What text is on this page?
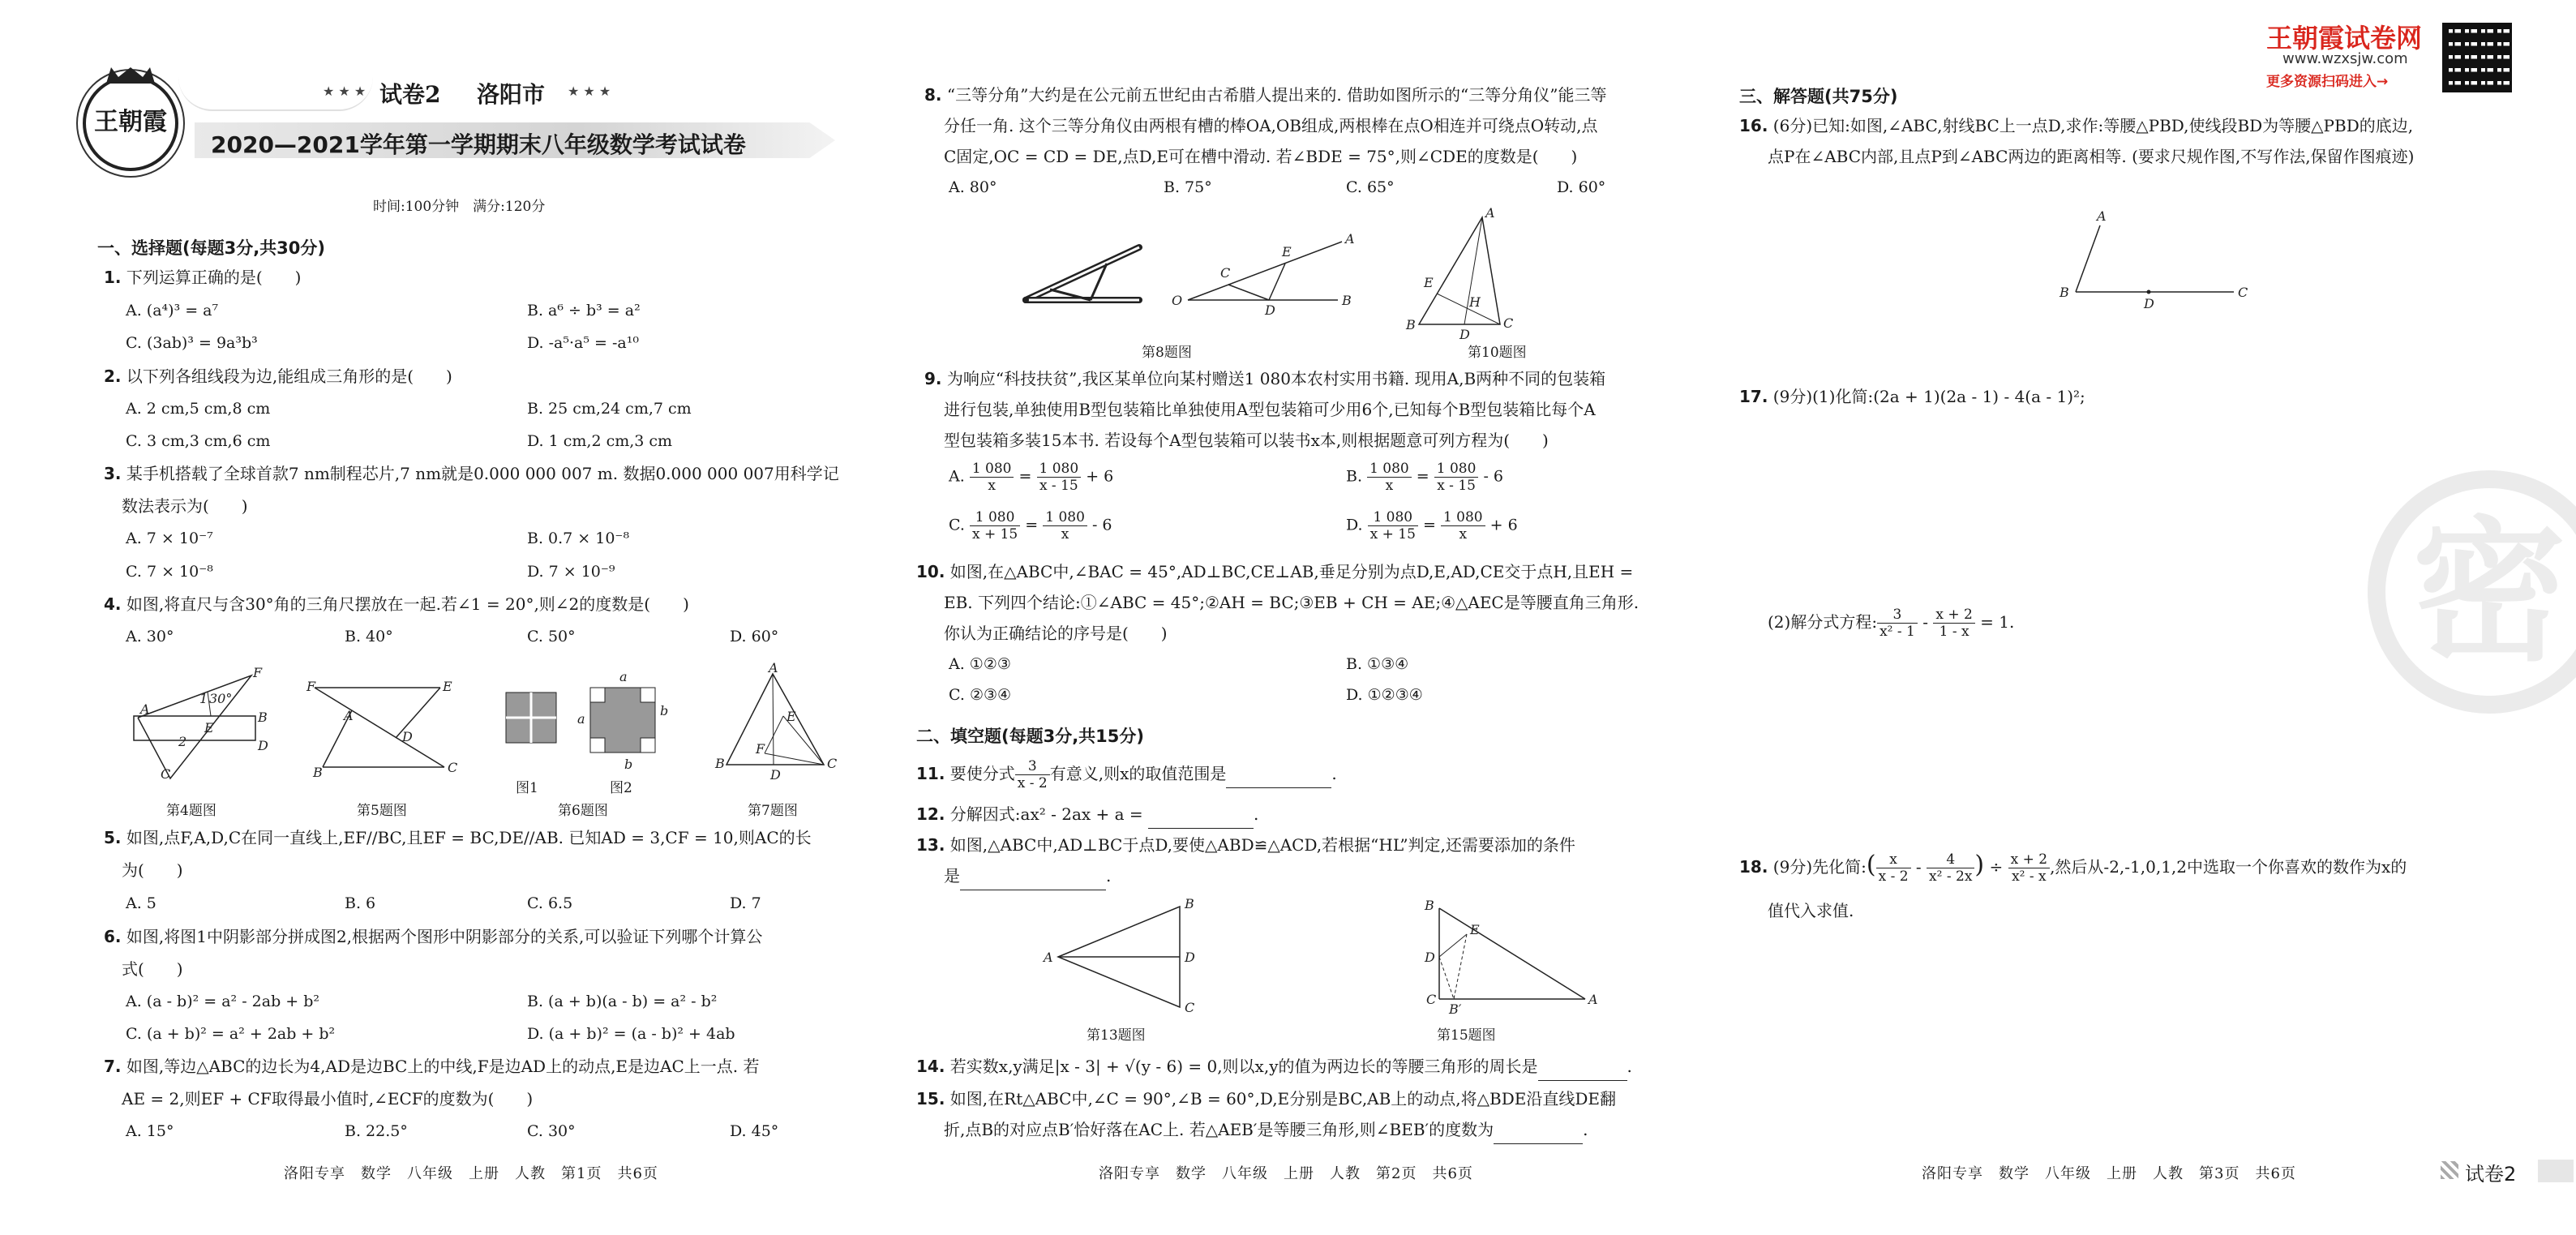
王朝霞
★ ★ ★ 试卷2 洛阳市 ★ ★ ★
2020—2021学年第一学期期末八年级数学考试试卷
时间:100分钟　满分:120分
一、选择题(每题3分,共30分)
1. 下列运算正确的是(　　)
A. (a⁴)³ = a⁷	B. a⁶ ÷ b³ = a²
C. (3ab)³ = 9a³b³	D. -a⁵·a⁵ = -a¹⁰
2. 以下列各组线段为边,能组成三角形的是(　　)
A. 2 cm,5 cm,8 cm	B. 25 cm,24 cm,7 cm
C. 3 cm,3 cm,6 cm	D. 1 cm,2 cm,3 cm
3. 某手机搭载了全球首款7 nm制程芯片,7 nm就是0.000 000 007 m. 数据0.000 000 007用科学记
数法表示为(　　)
A. 7 × 10⁻⁷	B. 0.7 × 10⁻⁸
C. 7 × 10⁻⁸	D. 7 × 10⁻⁹
4. 如图,将直尺与含30°角的三角尺摆放在一起.若∠1 = 20°,则∠2的度数是(　　)
A. 30°	B. 40°	C. 50°	D. 60°
A
F
1 30°
E
2
B
D
C
F	E
A
D
B	C
a
a
b
b
A
E
F
B
D
C
第4题图	第5题图
图1	图2
第6题图	第7题图
5. 如图,点F,A,D,C在同一直线上,EF//BC,且EF = BC,DE//AB. 已知AD = 3,CF = 10,则AC的长
为(　　)
A. 5	B. 6	C. 6.5	D. 7
6. 如图,将图1中阴影部分拼成图2,根据两个图形中阴影部分的关系,可以验证下列哪个计算公
式(　　)
A. (a - b)² = a² - 2ab + b²	B. (a + b)(a - b) = a² - b²
C. (a + b)² = a² + 2ab + b²	D. (a + b)² = (a - b)² + 4ab
7. 如图,等边△ABC的边长为4,AD是边BC上的中线,F是边AD上的动点,E是边AC上一点. 若
AE = 2,则EF + CF取得最小值时,∠ECF的度数为(　　)
A. 15°	B. 22.5°	C. 30°	D. 45°
洛阳专享　数学　八年级　上册　人教　第1页　共6页
8. “三等分角”大约是在公元前五世纪由古希腊人提出来的. 借助如图所示的“三等分角仪”能三等
分任一角. 这个三等分角仪由两根有槽的棒OA,OB组成,两根棒在点O相连并可绕点O转动,点
C固定,OC = CD = DE,点D,E可在槽中滑动. 若∠BDE = 75°,则∠CDE的度数是(　　)
A. 80°	B. 75°	C. 65°	D. 60°
O
C
E
A
D
B
A
E
H
B
D
C
第8题图	第10题图
9. 为响应“科技扶贫”,我区某单位向某村赠送1 080本农村实用书籍. 现用A,B两种不同的包装箱
进行包装,单独使用B型包装箱比单独使用A型包装箱可少用6个,已知每个B型包装箱比每个A
型包装箱多装15本书. 若设每个A型包装箱可以装书x本,则根据题意可列方程为(　　)
A. $\frac{1 080}{x} = \frac{1 080}{x - 15} + 6$	B. $\frac{1 080}{x} = \frac{1 080}{x - 15} - 6$
C. $\frac{1 080}{x + 15} = \frac{1 080}{x} - 6$	D. $\frac{1 080}{x + 15} = \frac{1 080}{x} + 6$
10. 如图,在△ABC中,∠BAC = 45°,AD⊥BC,CE⊥AB,垂足分别为点D,E,AD,CE交于点H,且EH =
EB. 下列四个结论:①∠ABC = 45°;②AH = BC;③EB + CH = AE;④△AEC是等腰直角三角形.
你认为正确结论的序号是(　　)
A. ①②③	B. ①③④
C. ②③④	D. ①②③④
二、填空题(每题3分,共15分)
11. 要使分式 $\frac{3}{x - 2}$ 有意义,则x的取值范围是	.
12. 分解因式:ax² - 2ax + a =	.
13. 如图,△ABC中,AD⊥BC于点D,要使△ABD≌△ACD,若根据“HL”判定,还需要添加的条件
是	.
A
B
D
C
B
E
D
C
B′
A
第13题图	第15题图
14. 若实数x,y满足|x - 3| + √(y - 6) = 0,则以x,y的值为两边长的等腰三角形的周长是	.
15. 如图,在Rt△ABC中,∠C = 90°,∠B = 60°,D,E分别是BC,AB上的动点,将△BDE沿直线DE翻
折,点B的对应点B′恰好落在AC上. 若△AEB′是等腰三角形,则∠BEB′的度数为	.
洛阳专享　数学　八年级　上册　人教　第2页　共6页
王朝霞试卷网
www.wzxsjw.com
更多资源扫码进入→
三、解答题(共75分)
16. (6分)已知:如图,∠ABC,射线BC上一点D,求作:等腰△PBD,使线段BD为等腰△PBD的底边,
点P在∠ABC内部,且点P到∠ABC两边的距离相等. (要求尺规作图,不写作法,保留作图痕迹)
A
B
D
C
17. (9分)(1)化简:(2a + 1)(2a - 1) - 4(a - 1)²;
(2)解分式方程: $\frac{3}{\text{x² - 1}} - \frac{x + 2}{1 - x} = 1$.	密
18. (9分)先化简:( $\frac{x}{x - 2} - \frac{4}{\text{x² - 2x}}$ ) ÷ $\frac{x + 2}{\text{x² - x}}$ ,然后从-2,-1,0,1,2中选取一个你喜欢的数作为x的
值代入求值.
洛阳专享　数学　八年级　上册　人教　第3页　共6页	试卷2
